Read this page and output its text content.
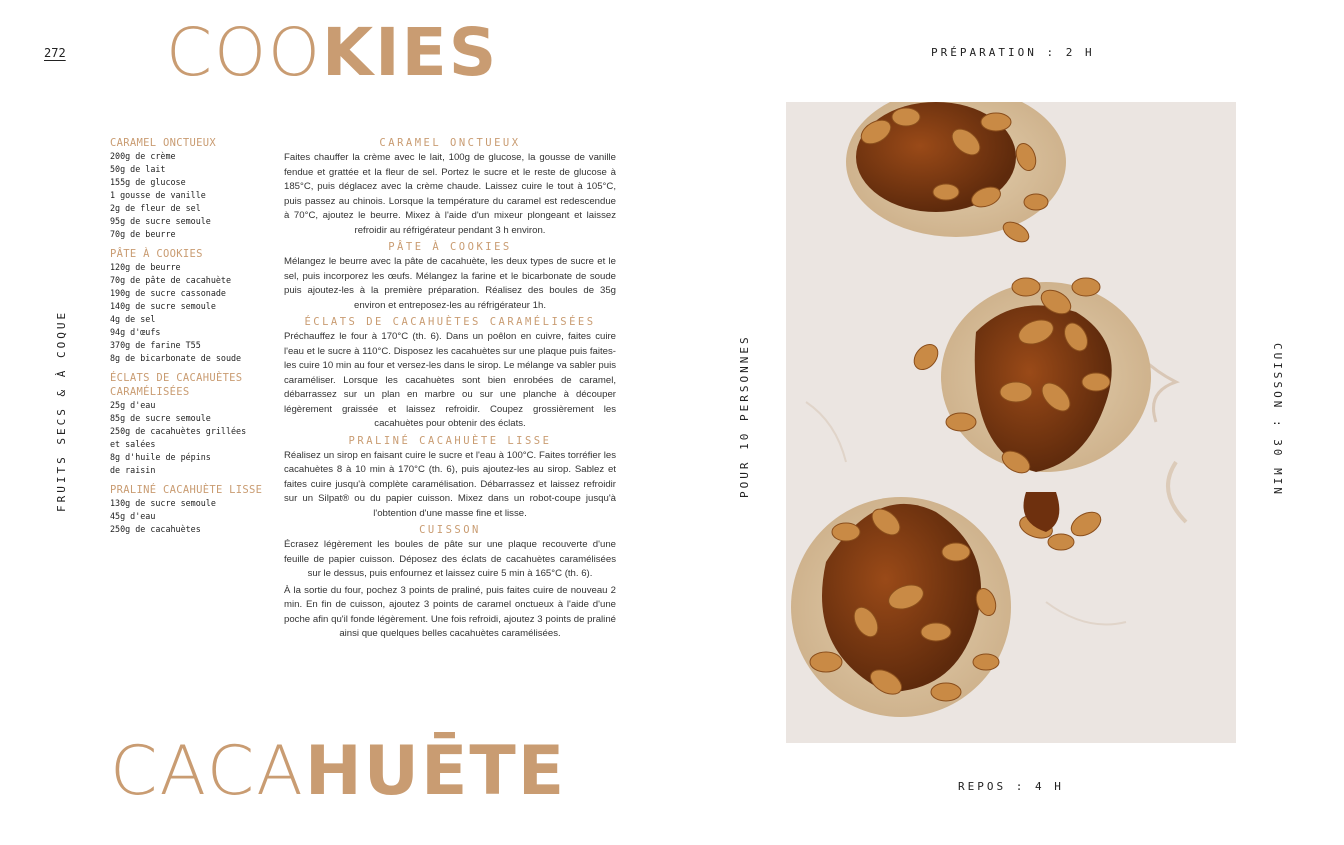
272 COOKIES
FRUITS SECS & À COQUE
CARAMEL ONCTUEUX
200g de crème
50g de lait
155g de glucose
1 gousse de vanille
2g de fleur de sel
95g de sucre semoule
70g de beurre
PÂTE À COOKIES
120g de beurre
70g de pâte de cacahuète
190g de sucre cassonade
140g de sucre semoule
4g de sel
94g d'œufs
370g de farine T55
8g de bicarbonate de soude
ÉCLATS DE CACAHUÈTES CARAMÉLISÉES
25g d'eau
85g de sucre semoule
250g de cacahuètes grillées
et salées
8g d'huile de pépins
de raisin
PRALINÉ CACAHUÈTE LISSE
130g de sucre semoule
45g d'eau
250g de cacahuètes
CARAMEL ONCTUEUX

Faites chauffer la crème avec le lait, 100g de glucose, la gousse de vanille fendue et grattée et la fleur de sel. Portez le sucre et le reste de glucose à 185°C, puis déglacez avec la crème chaude. Laissez cuire le tout à 105°C, puis passez au chinois. Lorsque la température du caramel est redescendue à 70°C, ajoutez le beurre. Mixez à l'aide d'un mixeur plongeant et laissez refroidir au réfrigérateur pendant 3 h environ.

PÂTE À COOKIES

Mélangez le beurre avec la pâte de cacahuète, les deux types de sucre et le sel, puis incorporez les œufs. Mélangez la farine et le bicarbonate de soude puis ajoutez-les à la première préparation. Réalisez des boules de 35g environ et entreposez-les au réfrigérateur 1h.

ÉCLATS DE CACAHUÈTES CARAMÉLISÉES

Préchauffez le four à 170°C (th. 6). Dans un poêlon en cuivre, faites cuire l'eau et le sucre à 110°C. Disposez les cacahuètes sur une plaque puis faites-les cuire 10 min au four et versez-les dans le sirop. Le mélange va sabler puis caraméliser. Lorsque les cacahuètes sont bien enrobées de caramel, débarrassez sur un plan en marbre ou sur une planche à découper légèrement graissée et laissez refroidir. Coupez grossièrement les cacahuètes pour obtenir des éclats.

PRALINÉ CACAHUÈTE LISSE

Réalisez un sirop en faisant cuire le sucre et l'eau à 100°C. Faites torréfier les cacahuètes 8 à 10 min à 170°C (th. 6), puis ajoutez-les au sirop. Sablez et faites cuire jusqu'à complète caramélisation. Débarrassez et laissez refroidir sur un Silpat® ou du papier cuisson. Mixez dans un robot-coupe jusqu'à l'obtention d'une masse fine et lisse.

CUISSON

Écrasez légèrement les boules de pâte sur une plaque recouverte d'une feuille de papier cuisson. Déposez des éclats de cacahuètes caramélisées sur le dessus, puis enfournez et laissez cuire 5 min à 165°C (th. 6).

À la sortie du four, pochez 3 points de praliné, puis faites cuire de nouveau 2 min. En fin de cuisson, ajoutez 3 points de caramel onctueux à l'aide d'une poche afin qu'il fonde légèrement. Une fois refroidi, ajoutez 3 points de praliné ainsi que quelques belles cacahuètes caramélisées.

CACAHUĒTE
PRÉPARATION : 2 H
REPOS : 4 H
POUR 10 PERSONNES	CUISSON : 30 MIN
